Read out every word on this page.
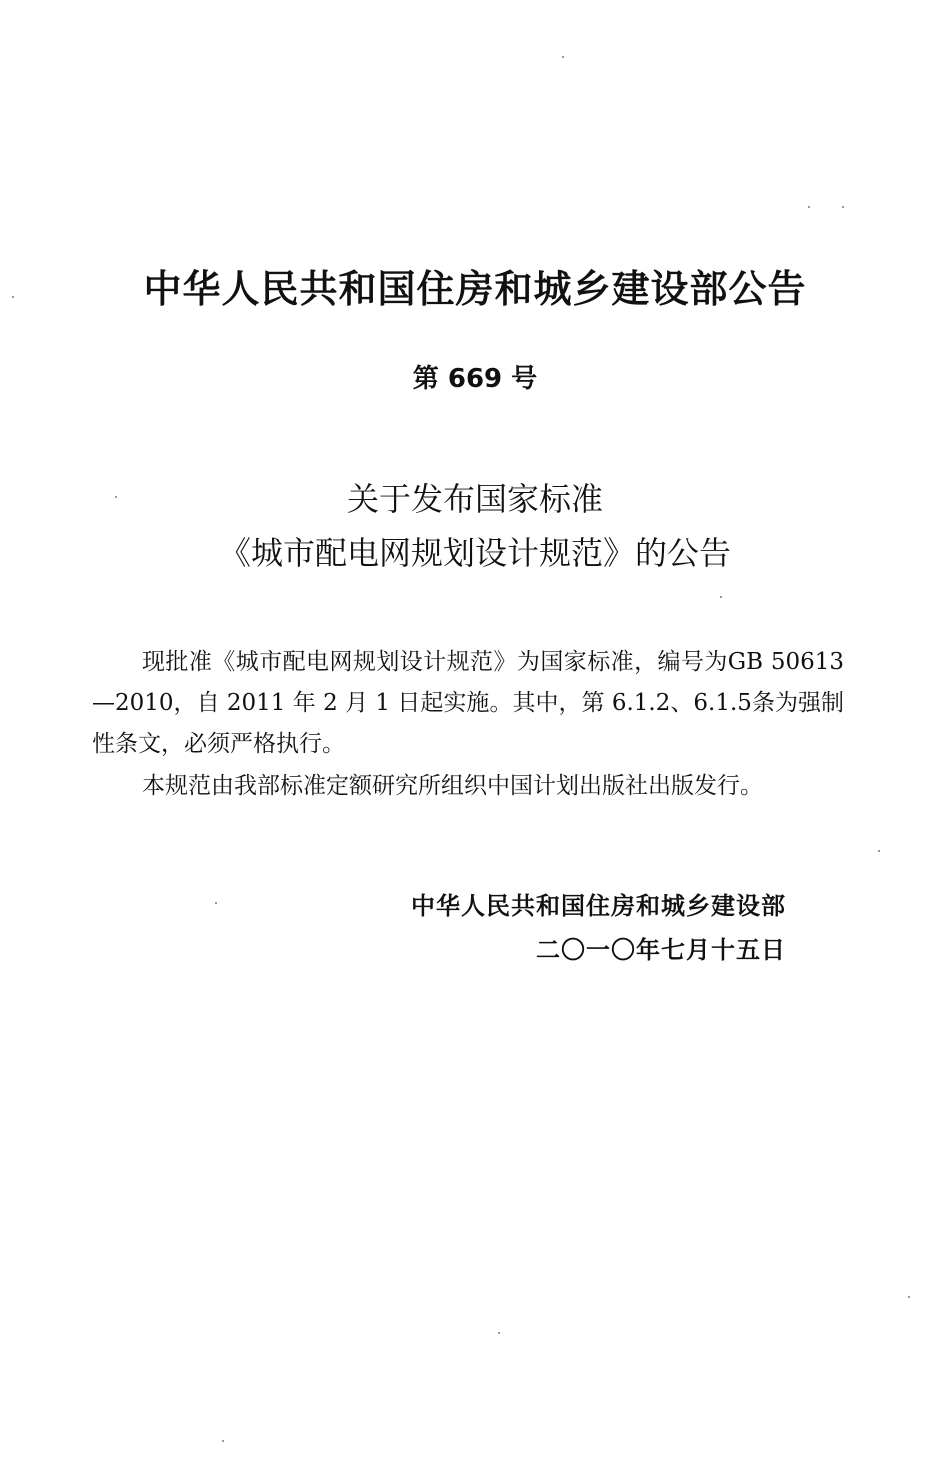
中华人民共和国住房和城乡建设部公告
第 669 号
关于发布国家标准
《城市配电网规划设计规范》的公告
现批准《城市配电网规划设计规范》为国家标准，编号为GB 50613—2010，自 2011 年 2 月 1 日起实施。其中，第 6.1.2、6.1.5条为强制性条文，必须严格执行。
本规范由我部标准定额研究所组织中国计划出版社出版发行。
中华人民共和国住房和城乡建设部
二〇一〇年七月十五日
